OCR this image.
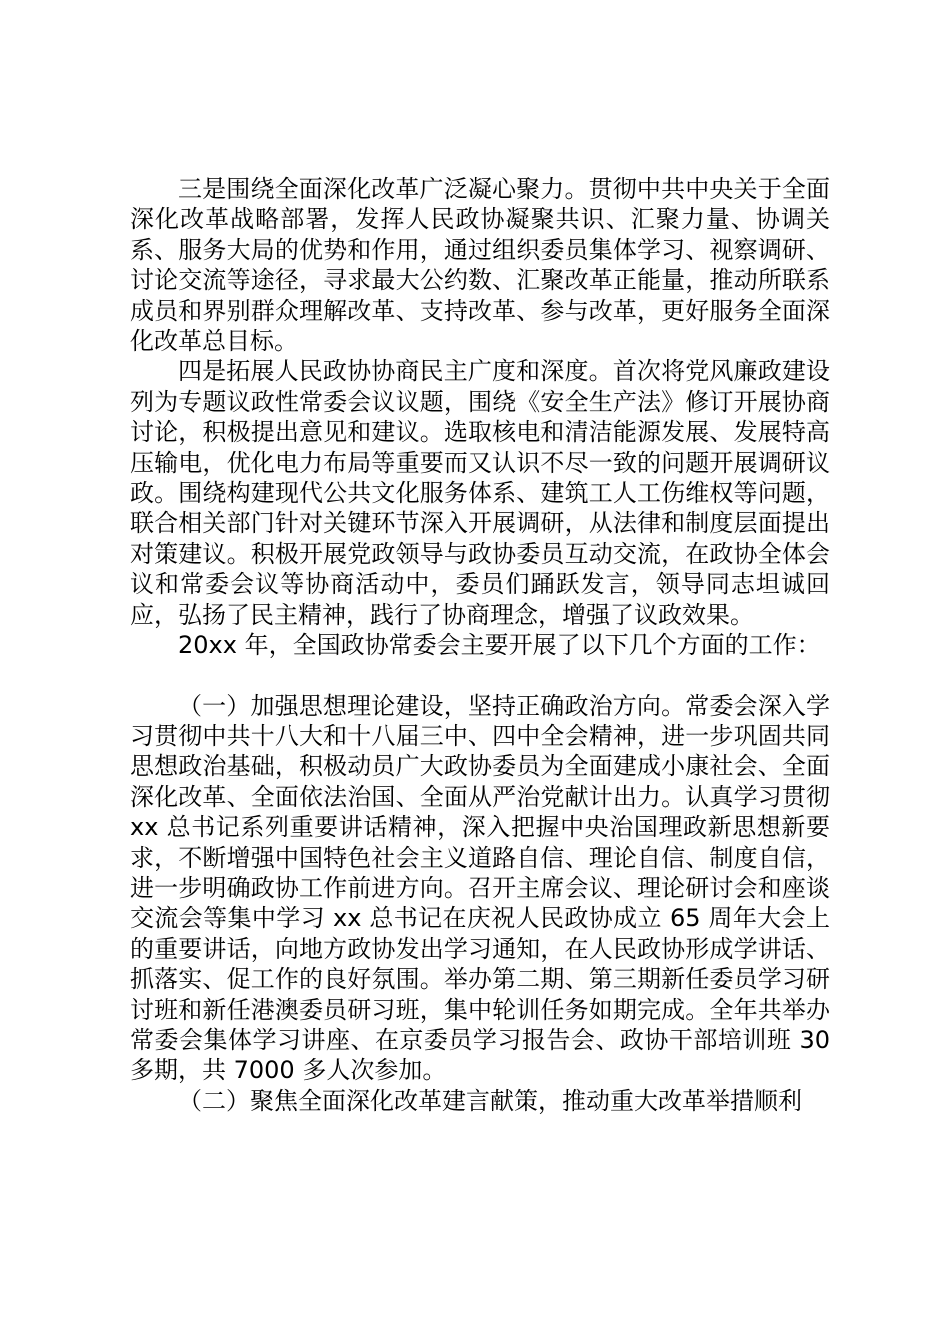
三是围绕全面深化改革广泛凝心聚力。贯彻中共中央关于全面深化改革战略部署，发挥人民政协凝聚共识、汇聚力量、协调关系、服务大局的优势和作用，通过组织委员集体学习、视察调研、讨论交流等途径，寻求最大公约数、汇聚改革正能量，推动所联系成员和界别群众理解改革、支持改革、参与改革，更好服务全面深化改革总目标。

四是拓展人民政协协商民主广度和深度。首次将党风廉政建设列为专题议政性常委会议议题，围绕《安全生产法》修订开展协商讨论，积极提出意见和建议。选取核电和清洁能源发展、发展特高压输电，优化电力布局等重要而又认识不尽一致的问题开展调研议政。围绕构建现代公共文化服务体系、建筑工人工伤维权等问题，联合相关部门针对关键环节深入开展调研，从法律和制度层面提出对策建议。积极开展党政领导与政协委员互动交流，在政协全体会议和常委会议等协商活动中，委员们踊跃发言，领导同志坦诚回应，弘扬了民主精神，践行了协商理念，增强了议政效果。

20xx 年，全国政协常委会主要开展了以下几个方面的工作：

（一）加强思想理论建设，坚持正确政治方向。常委会深入学习贯彻中共十八大和十八届三中、四中全会精神，进一步巩固共同思想政治基础，积极动员广大政协委员为全面建成小康社会、全面深化改革、全面依法治国、全面从严治党献计出力。认真学习贯彻 xx 总书记系列重要讲话精神，深入把握中央治国理政新思想新要求，不断增强中国特色社会主义道路自信、理论自信、制度自信，进一步明确政协工作前进方向。召开主席会议、理论研讨会和座谈交流会等集中学习 xx 总书记在庆祝人民政协成立 65 周年大会上的重要讲话，向地方政协发出学习通知，在人民政协形成学讲话、抓落实、促工作的良好氛围。举办第二期、第三期新任委员学习研讨班和新任港澳委员研习班，集中轮训任务如期完成。全年共举办常委会集体学习讲座、在京委员学习报告会、政协干部培训班 30 多期，共 7000 多人次参加。

（二）聚焦全面深化改革建言献策，推动重大改革举措顺利
